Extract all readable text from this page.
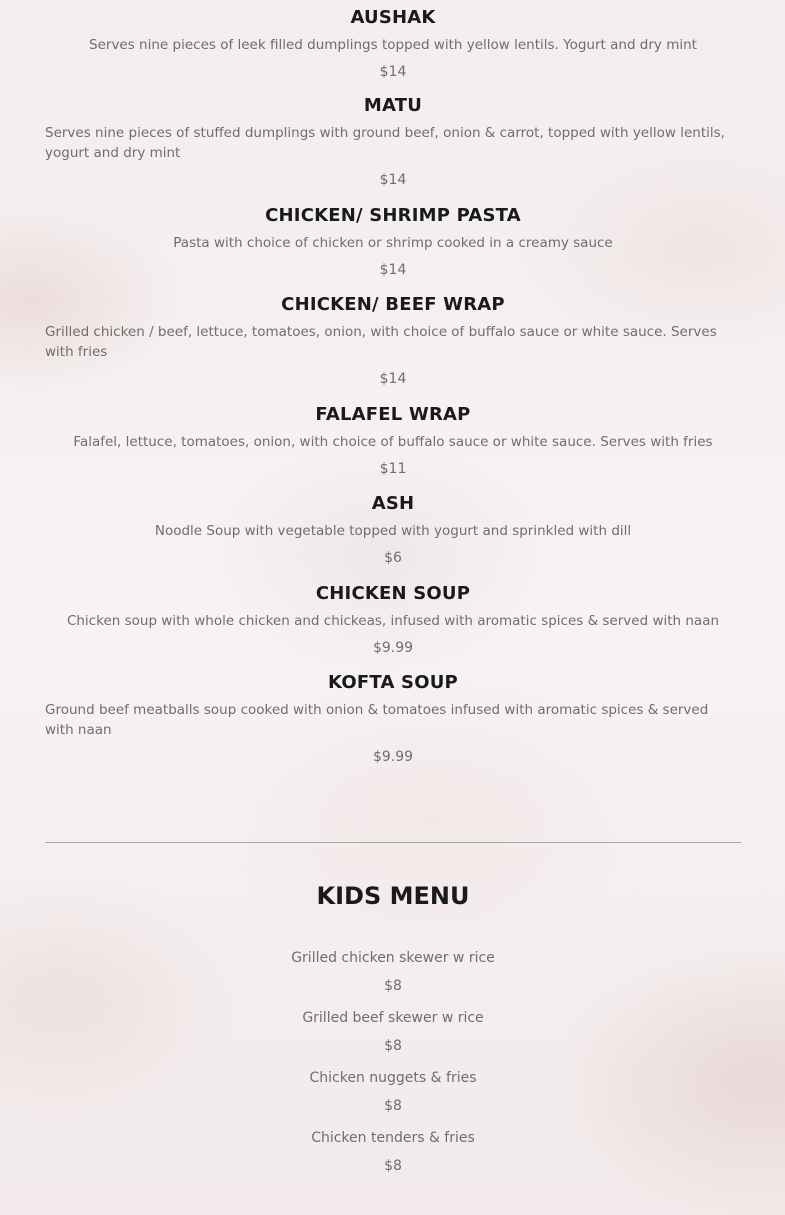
AUSHAK

Serves nine pieces of leek filled dumplings topped with yellow lentils. Yogurt and dry mint

$14

MATU

Serves nine pieces of stuffed dumplings with ground beef, onion & carrot, topped with yellow lentils, yogurt and dry mint

$14

CHICKEN/ SHRIMP PASTA

Pasta with choice of chicken or shrimp cooked in a creamy sauce

$14

CHICKEN/ BEEF WRAP

Grilled chicken / beef, lettuce, tomatoes, onion, with choice of buffalo sauce or white sauce. Serves with fries

$14

FALAFEL WRAP

Falafel, lettuce, tomatoes, onion, with choice of buffalo sauce or white sauce. Serves with fries

$11

ASH

Noodle Soup with vegetable topped with yogurt and sprinkled with dill

$6

CHICKEN SOUP

Chicken soup with whole chicken and chickeas, infused with aromatic spices & served with naan

$9.99

KOFTA SOUP

Ground beef meatballs soup cooked with onion & tomatoes infused with aromatic spices & served with naan

$9.99

KIDS MENU

Grilled chicken skewer w rice

$8

Grilled beef skewer w rice

$8

Chicken nuggets & fries

$8

Chicken tenders & fries

$8
